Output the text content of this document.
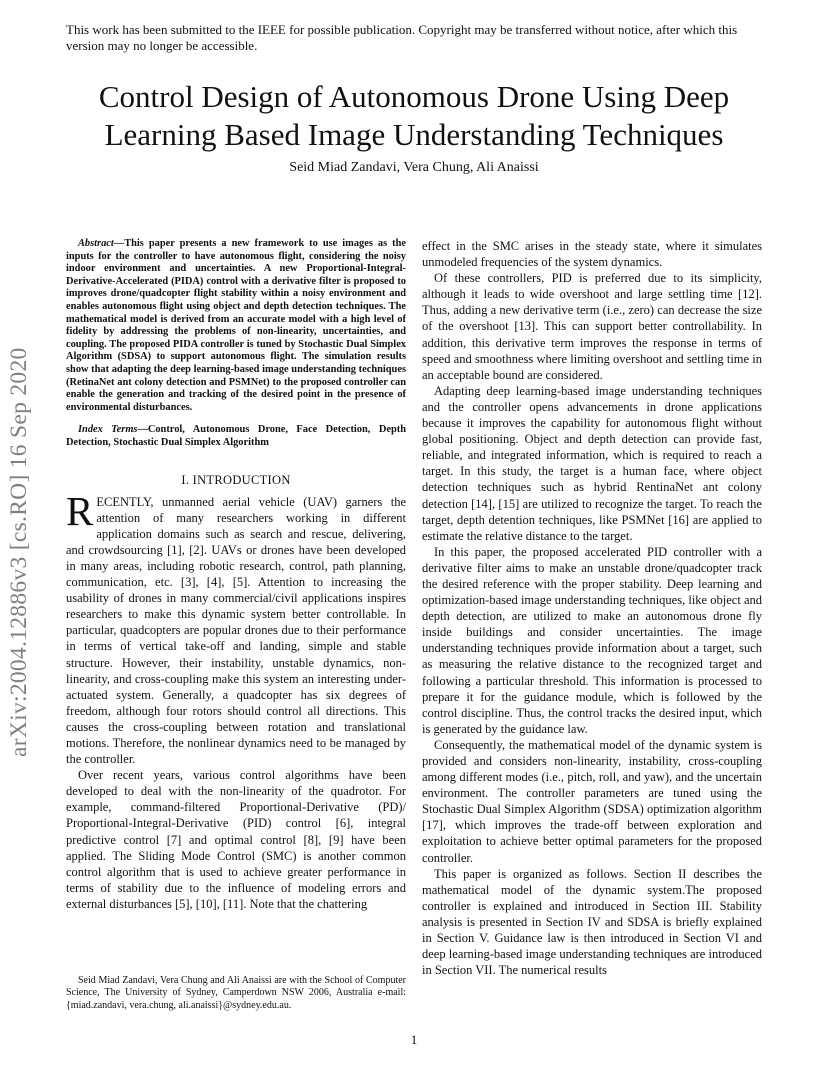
This work has been submitted to the IEEE for possible publication. Copyright may be transferred without notice, after which this version may no longer be accessible.
Control Design of Autonomous Drone Using Deep Learning Based Image Understanding Techniques
Seid Miad Zandavi, Vera Chung, Ali Anaissi
arXiv:2004.12886v3 [cs.RO] 16 Sep 2020

Abstract—This paper presents a new framework to use images as the inputs for the controller to have autonomous flight, considering the noisy indoor environment and uncertainties. A new Proportional-Integral-Derivative-Accelerated (PIDA) control with a derivative filter is proposed to improves drone/quadcopter flight stability within a noisy environment and enables autonomous flight using object and depth detection techniques. The mathematical model is derived from an accurate model with a high level of fidelity by addressing the problems of non-linearity, uncertainties, and coupling. The proposed PIDA controller is tuned by Stochastic Dual Simplex Algorithm (SDSA) to support autonomous flight. The simulation results show that adapting the deep learning-based image understanding techniques (RetinaNet ant colony detection and PSMNet) to the proposed controller can enable the generation and tracking of the desired point in the presence of environmental disturbances.

Index Terms—Control, Autonomous Drone, Face Detection, Depth Detection, Stochastic Dual Simplex Algorithm

I. INTRODUCTION

RECENTLY, unmanned aerial vehicle (UAV) garners the attention of many researchers working in different application domains such as search and rescue, delivering, and crowdsourcing [1], [2]. UAVs or drones have been developed in many areas, including robotic research, control, path planning, communication, etc. [3], [4], [5]. Attention to increasing the usability of drones in many commercial/civil applications inspires researchers to make this dynamic system better controllable. In particular, quadcopters are popular drones due to their performance in terms of vertical take-off and landing, simple and stable structure. However, their instability, unstable dynamics, non-linearity, and cross-coupling make this system an interesting under-actuated system. Generally, a quadcopter has six degrees of freedom, although four rotors should control all directions. This causes the cross-coupling between rotation and translational motions. Therefore, the nonlinear dynamics need to be managed by the controller.

Over recent years, various control algorithms have been developed to deal with the non-linearity of the quadrotor. For example, command-filtered Proportional-Derivative (PD)/ Proportional-Integral-Derivative (PID) control [6], integral predictive control [7] and optimal control [8], [9] have been applied. The Sliding Mode Control (SMC) is another common control algorithm that is used to achieve greater performance in terms of stability due to the influence of modeling errors and external disturbances [5], [10], [11]. Note that the chattering

effect in the SMC arises in the steady state, where it simulates unmodeled frequencies of the system dynamics.

Of these controllers, PID is preferred due to its simplicity, although it leads to wide overshoot and large settling time [12]. Thus, adding a new derivative term (i.e., zero) can decrease the size of the overshoot [13]. This can support better controllability. In addition, this derivative term improves the response in terms of speed and smoothness where limiting overshoot and settling time in an acceptable bound are considered.

Adapting deep learning-based image understanding techniques and the controller opens advancements in drone applications because it improves the capability for autonomous flight without global positioning. Object and depth detection can provide fast, reliable, and integrated information, which is required to reach a target. In this study, the target is a human face, where object detection techniques such as hybrid RentinaNet ant colony detection [14], [15] are utilized to recognize the target. To reach the target, depth detention techniques, like PSMNet [16] are applied to estimate the relative distance to the target.

In this paper, the proposed accelerated PID controller with a derivative filter aims to make an unstable drone/quadcopter track the desired reference with the proper stability. Deep learning and optimization-based image understanding techniques, like object and depth detection, are utilized to make an autonomous drone fly inside buildings and consider uncertainties. The image understanding techniques provide information about a target, such as measuring the relative distance to the recognized target and following a particular threshold. This information is processed to prepare it for the guidance module, which is followed by the control discipline. Thus, the control tracks the desired input, which is generated by the guidance law.

Consequently, the mathematical model of the dynamic system is provided and considers non-linearity, instability, cross-coupling among different modes (i.e., pitch, roll, and yaw), and the uncertain environment. The controller parameters are tuned using the Stochastic Dual Simplex Algorithm (SDSA) optimization algorithm [17], which improves the trade-off between exploration and exploitation to achieve better optimal parameters for the proposed controller.

This paper is organized as follows. Section II describes the mathematical model of the dynamic system.The proposed controller is explained and introduced in Section III. Stability analysis is presented in Section IV and SDSA is briefly explained in Section V. Guidance law is then introduced in Section VI and deep learning-based image understanding techniques are introduced in Section VII. The numerical results

Seid Miad Zandavi, Vera Chung and Ali Anaissi are with the School of Computer Science, The University of Sydney, Camperdown NSW 2006, Australia e-mail: {miad.zandavi, vera.chung, ali.anaissi}@sydney.edu.au.
1
